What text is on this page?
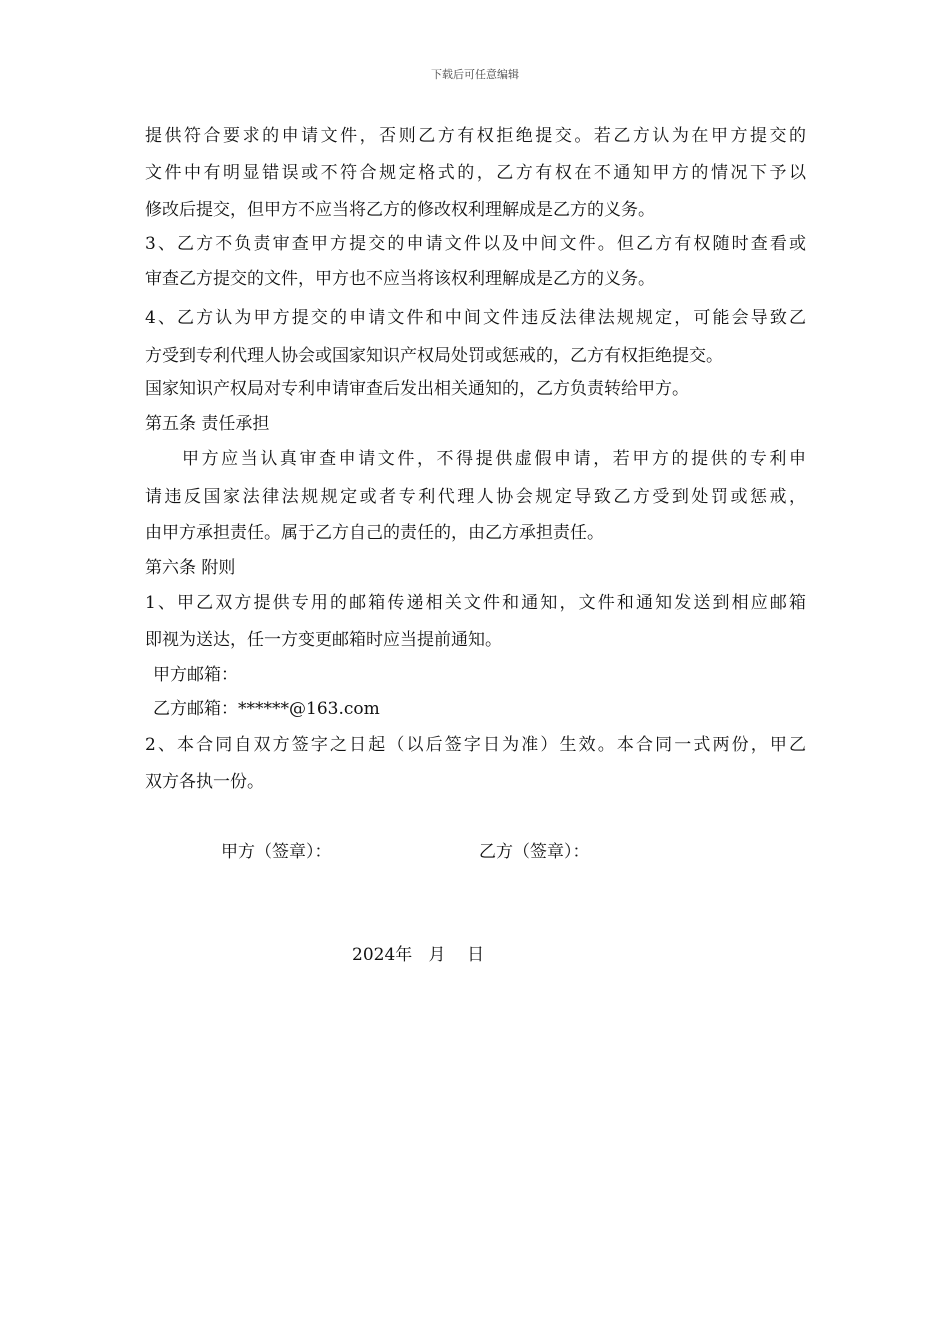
下载后可任意编辑
提供符合要求的申请文件，否则乙方有权拒绝提交。若乙方认为在甲方提交的
文件中有明显错误或不符合规定格式的，乙方有权在不通知甲方的情况下予以
修改后提交，但甲方不应当将乙方的修改权利理解成是乙方的义务。
3、乙方不负责审查甲方提交的申请文件以及中间文件。但乙方有权随时查看或
审查乙方提交的文件，甲方也不应当将该权利理解成是乙方的义务。
4、乙方认为甲方提交的申请文件和中间文件违反法律法规规定，可能会导致乙
方受到专利代理人协会或国家知识产权局处罚或惩戒的，乙方有权拒绝提交。
国家知识产权局对专利申请审查后发出相关通知的，乙方负责转给甲方。
第五条 责任承担
甲方应当认真审查申请文件，不得提供虚假申请，若甲方的提供的专利申
请违反国家法律法规规定或者专利代理人协会规定导致乙方受到处罚或惩戒，
由甲方承担责任。属于乙方自己的责任的，由乙方承担责任。
第六条 附则
1、甲乙双方提供专用的邮箱传递相关文件和通知，文件和通知发送到相应邮箱
即视为送达，任一方变更邮箱时应当提前通知。
甲方邮箱：
乙方邮箱：******@163.com
2、本合同自双方签字之日起（以后签字日为准）生效。本合同一式两份，甲乙
双方各执一份。
甲方（签章）：	乙方（签章）：
2024年   月    日
